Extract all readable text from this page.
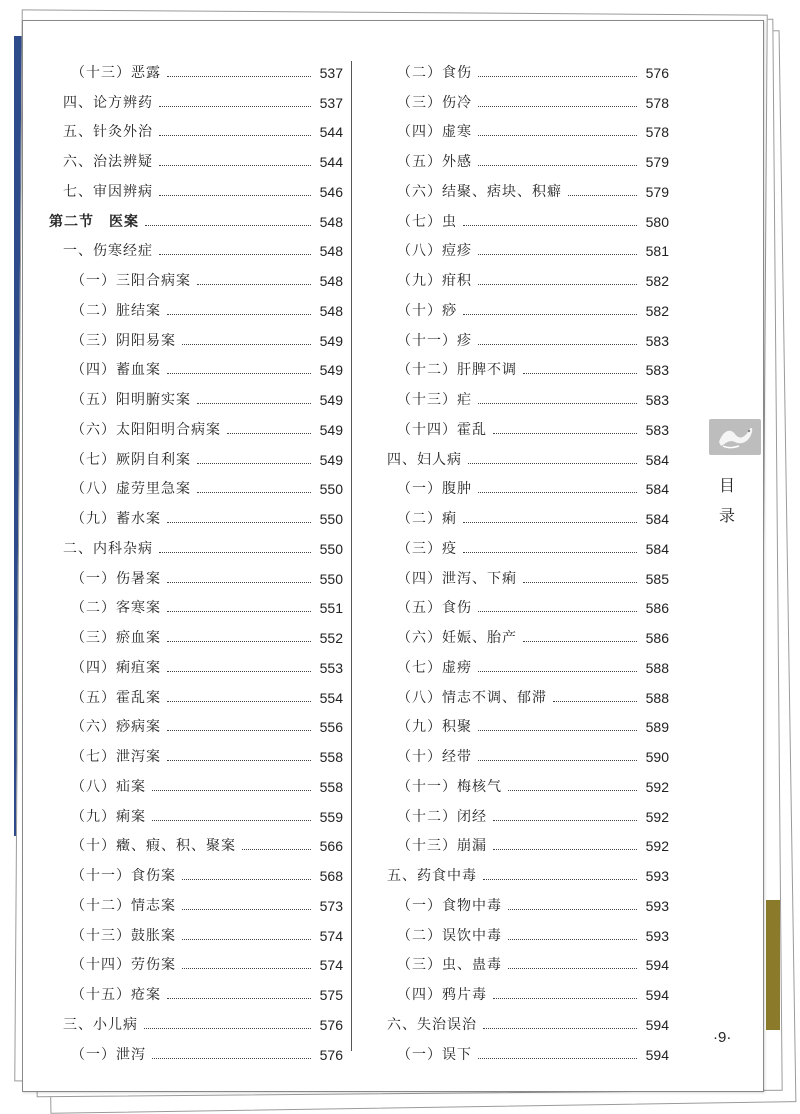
（十三）恶露	537
四、论方辨药	537
五、针灸外治	544
六、治法辨疑	544
七、审因辨病	546
第二节　医案	548
一、伤寒经症	548
（一）三阳合病案	548
（二）脏结案	548
（三）阴阳易案	549
（四）蓄血案	549
（五）阳明腑实案	549
（六）太阳阳明合病案	549
（七）厥阴自利案	549
（八）虚劳里急案	550
（九）蓄水案	550
二、内科杂病	550
（一）伤暑案	550
（二）客寒案	551
（三）瘀血案	552
（四）痢疽案	553
（五）霍乱案	554
（六）痧病案	556
（七）泄泻案	558
（八）疝案	558
（九）痢案	559
（十）癥、瘕、积、聚案	566
（十一）食伤案	568
（十二）情志案	573
（十三）鼓胀案	574
（十四）劳伤案	574
（十五）疮案	575
三、小儿病	576
（一）泄泻	576
（二）食伤	576
（三）伤冷	578
（四）虚寒	578
（五）外感	579
（六）结聚、痞块、积癖	579
（七）虫	580
（八）痘疹	581
（九）疳积	582
（十）痧	582
（十一）疹	583
（十二）肝脾不调	583
（十三）疟	583
（十四）霍乱	583
四、妇人病	584
（一）腹肿	584
（二）痢	584
（三）疫	584
（四）泄泻、下痢	585
（五）食伤	586
（六）妊娠、胎产	586
（七）虚痨	588
（八）情志不调、郁滞	588
（九）积聚	589
（十）经带	590
（十一）梅核气	592
（十二）闭经	592
（十三）崩漏	592
五、药食中毒	593
（一）食物中毒	593
（二）误饮中毒	593
（三）虫、蛊毒	594
（四）鸦片毒	594
六、失治误治	594
（一）误下	594
目
录
·9·
